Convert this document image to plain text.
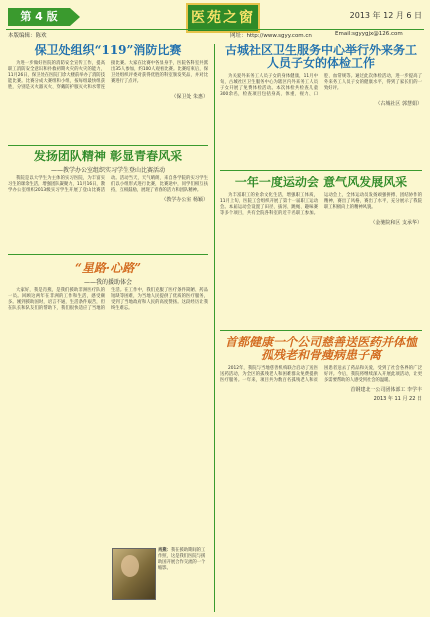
第 4 版	医苑之窗	2013 年 12 月 6 日
本版编辑：陈欢	网址：http://www.sgyy.com.cn	Email:sgyygjx@126.com
保卫处组织“119”消防比赛
为进一步做好医院的消防安全宣传工作，提高职工消防安全意识和扑救初期火灾的火灾的能力，11月26日，保卫处在医院门诊大楼前举办了消防技能比赛。比赛分成大赛组和小组，按每组最快组获胜，分别是灭火器灭火、穿戴防护服灭火和水带连接比赛。大家在比赛中各显身手，医院各科室共派出35人参加，约100人观看比赛。比赛结束后，保卫处组织评委对获得优胜的科室颁发奖品，并对比赛进行了点评。
（保卫处 朱惠）
发扬团队精神 彰显青春风采
——教学办公室组织实习学生登山比赛活动
我院是以大学生为主体的实习医院，为丰富实习生的课余生活，增强团队凝聚力，11月16日，教学办公室组织2013级实习学生开展了登山比赛活动。活动当天，天气晴朗，来自各学院的实习学生们以小组形式进行比赛，比赛途中，同学们相互扶持，互相鼓励，展现了青春的活力和团队精神。
（教学办公室 杨颖）
“星路·心路”
——我的援助体会
大家好，我是肖燕，是我们援助非洲医疗队的一员。回顾这两年在非洲的工作和生活，感受颇多。刚到援助国时，语言不通，生活条件艰苦，但在队长和队友们的帮助下，我们很快适应了当地的生活。在工作中，我们克服了医疗条件简陋、药品短缺等困难，为当地人民提供了优质的医疗服务，受到了当地政府和人民的高度赞扬。这段经历让我终生难忘。
肖燕：我在援助期间的工作照，这是我们医院与援助国开展合作交流的一个缩影。
古城社区卫生服务中心举行外来务工人员子女的体检工作
为关爱外来务工人员子女的身体健康，11月中旬，古城社区卫生服务中心为辖区内外来务工人员子女开展了免费体检活动。本次体检共检查儿童300余名，检查项目包括身高、体重、视力、口腔、血常规等。通过此次体检活动，进一步提高了外来务工人员子女的健康水平，得到了家长们的一致好评。
（古城社区 郭慧娟）
一年一度运动会 意气风发展风采
为丰富职工的业余文化生活，增强职工体质，11月上旬，医院工会组织开展了第十一届职工运动会。本届运动会设置了田径、拔河、跳绳、趣味赛等多个项目，共有全院各科室的近千名职工参加。运动会上，全体运动员发扬顽强拼搏、团结协作的精神，赛出了风格，赛出了水平，充分展示了我院职工积极向上的精神风貌。
（金驰院和区 支承华）
首都健康一个公司慈善送医药并体恤孤残老和骨瘦病患子离
2012年，我院与当地慈善机构联合启动了送医送药活动，为全区的孤残老人和困难群众免费提供医疗服务。一年来，项目共为数百名孤残老人和贫困患者送去了药品和关爱，受到了社会各界的广泛好评。今后，我院将继续深入开展此项活动，让更多需要帮助的人感受到社会的温暖。
首钢建北一公司团体部工 李学丰
2013 年 11 月 22 日
